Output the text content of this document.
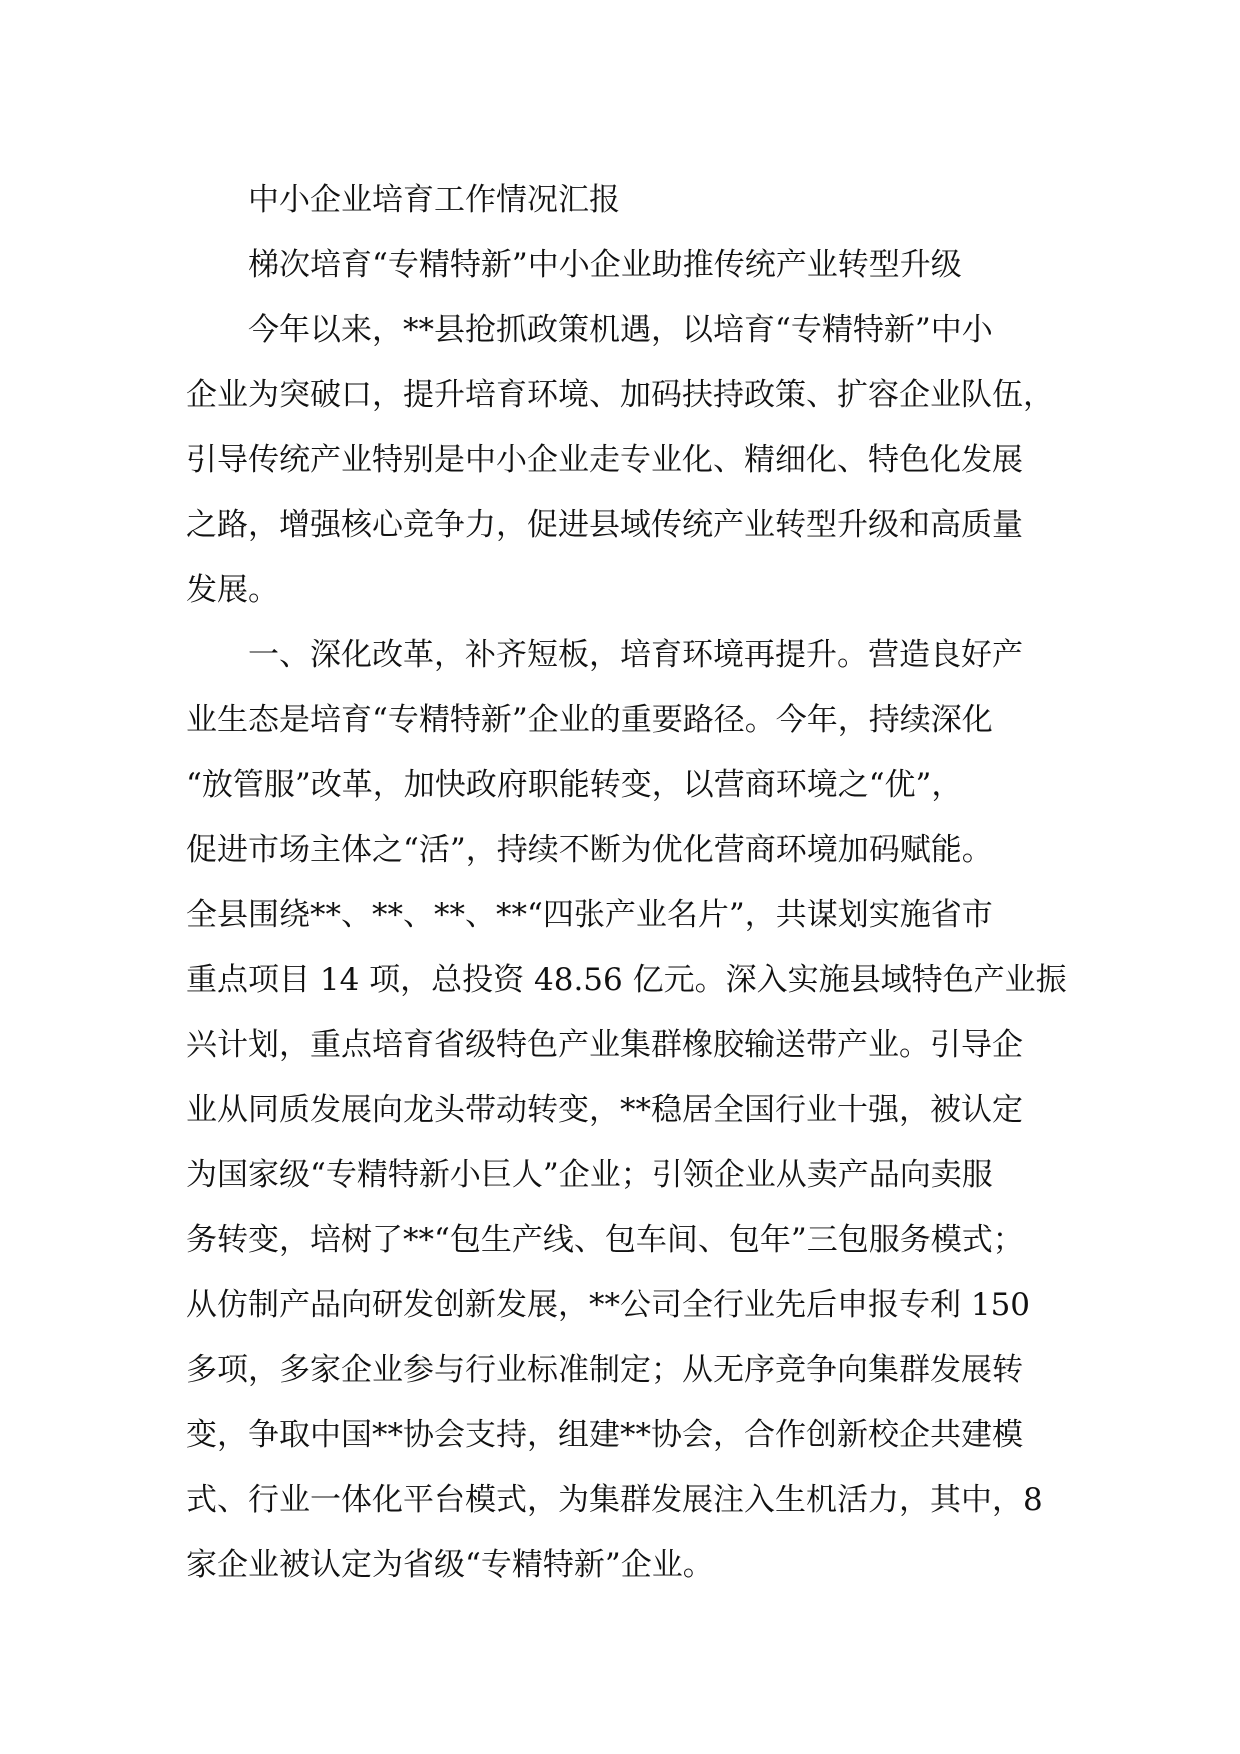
中小企业培育工作情况汇报
梯次培育“专精特新”中小企业助推传统产业转型升级
今年以来，**县抢抓政策机遇，以培育“专精特新”中小
企业为突破口，提升培育环境、加码扶持政策、扩容企业队伍，
引导传统产业特别是中小企业走专业化、精细化、特色化发展
之路，增强核心竞争力，促进县域传统产业转型升级和高质量
发展。
一、深化改革，补齐短板，培育环境再提升。营造良好产
业生态是培育“专精特新”企业的重要路径。今年，持续深化
“放管服”改革，加快政府职能转变，以营商环境之“优”，
促进市场主体之“活”，持续不断为优化营商环境加码赋能。
全县围绕**、**、**、**“四张产业名片”，共谋划实施省市
重点项目 14 项，总投资 48.56 亿元。深入实施县域特色产业振
兴计划，重点培育省级特色产业集群橡胶输送带产业。引导企
业从同质发展向龙头带动转变，**稳居全国行业十强，被认定
为国家级“专精特新小巨人”企业；引领企业从卖产品向卖服
务转变，培树了**“包生产线、包车间、包年”三包服务模式；
从仿制产品向研发创新发展，**公司全行业先后申报专利 150
多项，多家企业参与行业标准制定；从无序竞争向集群发展转
变，争取中国**协会支持，组建**协会，合作创新校企共建模
式、行业一体化平台模式，为集群发展注入生机活力，其中，8
家企业被认定为省级“专精特新”企业。
